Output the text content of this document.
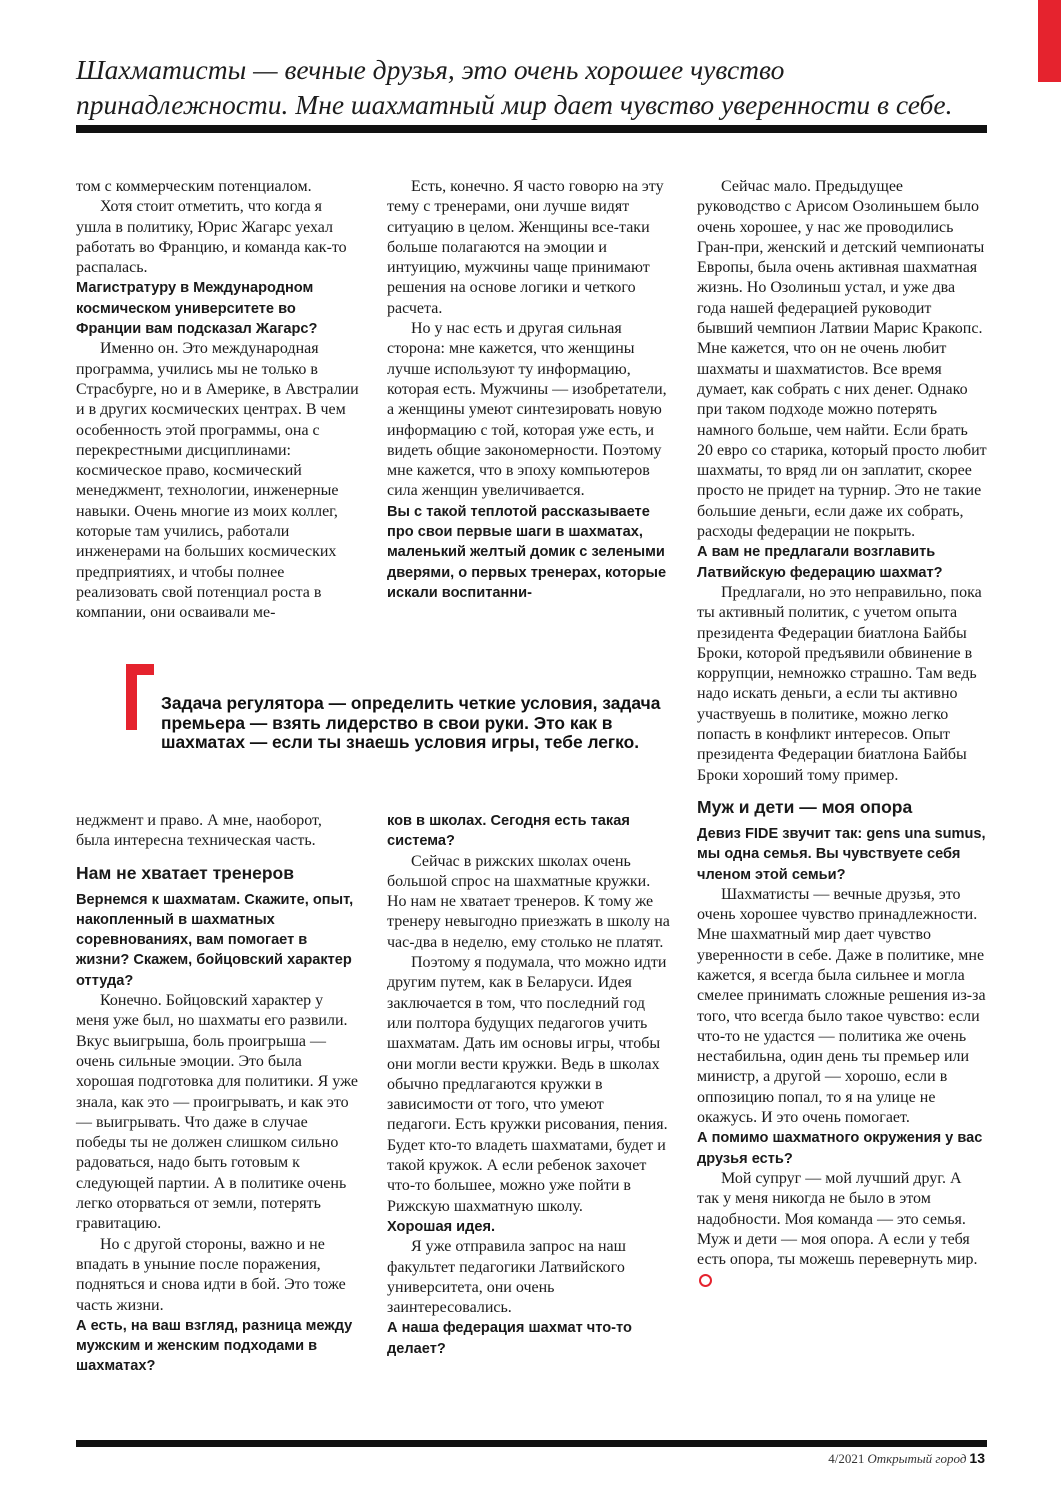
Шахматисты — вечные друзья, это очень хорошее чувство
принадлежности. Мне шахматный мир дает чувство уверенности в себе.

том с коммерческим потенциалом.

Хотя стоит отметить, что когда я ушла в политику, Юрис Жагарс уехал работать во Францию, и команда как-то распалась.

Магистратуру в Международном космическом университете во Франции вам подсказал Жагарс?

Именно он. Это международная программа, учились мы не только в Страсбурге, но и в Америке, в Австралии и в других космических центрах. В чем особенность этой программы, она с перекрестными дисциплинами: космическое право, космический менеджмент, технологии, инженерные навыки. Очень многие из моих коллег, которые там учились, работали инженерами на больших космических предприятиях, и чтобы полнее реализовать свой потенциал роста в компании, они осваивали ме-

Есть, конечно. Я часто говорю на эту тему с тренерами, они лучше видят ситуацию в целом. Женщины все-таки больше полагаются на эмоции и интуицию, мужчины чаще принимают решения на основе логики и четкого расчета.

Но у нас есть и другая сильная сторона: мне кажется, что женщины лучше используют ту информацию, которая есть. Мужчины — изобретатели, а женщины умеют синтезировать новую информацию с той, которая уже есть, и видеть общие закономерности. Поэтому мне кажется, что в эпоху компьютеров сила женщин увеличивается.

Вы с такой теплотой рассказываете про свои первые шаги в шахматах, маленький желтый домик с зелеными дверями, о первых тренерах, которые искали воспитанни-

Сейчас мало. Предыдущее руководство с Арисом Озолиньшем было очень хорошее, у нас же проводились Гран-при, женский и детский чемпионаты Европы, была очень активная шахматная жизнь. Но Озолиньш устал, и уже два года нашей федерацией руководит бывший чемпион Латвии Марис Кракопс. Мне кажется, что он не очень любит шахматы и шахматистов. Все время думает, как собрать с них денег. Однако при таком подходе можно потерять намного больше, чем найти. Если брать 20 евро со старика, который просто любит шахматы, то вряд ли он заплатит, скорее просто не придет на турнир. Это не такие большие деньги, если даже их собрать, расходы федерации не покрыть.

А вам не предлагали возглавить Латвийскую федерацию шахмат?

Предлагали, но это неправильно, пока ты активный политик, с учетом опыта президента Федерации биатлона Байбы Броки, которой предъявили обвинение в коррупции, немножко страшно. Там ведь надо искать деньги, а если ты активно участвуешь в политике, можно легко попасть в конфликт интересов. Опыт президента Федерации биатлона Байбы Броки хороший тому пример.

Муж и дети — моя опора

Девиз FIDE звучит так: gens una sumus, мы одна семья. Вы чувствуете себя членом этой семьи?

Шахматисты — вечные друзья, это очень хорошее чувство принадлежности. Мне шахматный мир дает чувство уверенности в себе. Даже в политике, мне кажется, я всегда была сильнее и могла смелее принимать сложные решения из-за того, что всегда было такое чувство: если что-то не удастся — политика же очень нестабильна, один день ты премьер или министр, а другой — хорошо, если в оппозицию попал, то я на улице не окажусь. И это очень помогает.

А помимо шахматного окружения у вас друзья есть?

Мой супруг — мой лучший друг. А так у меня никогда не было в этом надобности. Моя команда — это семья. Муж и дети — моя опора. А если у тебя есть опора, ты можешь перевернуть мир.

Задача регулятора — определить четкие условия, задача премьера — взять лидерство в свои руки. Это как в шахматах — если ты знаешь условия игры, тебе легко.

неджмент и право. А мне, наоборот, была интересна техническая часть.

Нам не хватает тренеров

Вернемся к шахматам. Скажите, опыт, накопленный в шахматных соревнованиях, вам помогает в жизни? Скажем, бойцовский характер оттуда?

Конечно. Бойцовский характер у меня уже был, но шахматы его развили. Вкус выигрыша, боль проигрыша — очень сильные эмоции. Это была хорошая подготовка для политики. Я уже знала, как это — проигрывать, и как это — выигрывать. Что даже в случае победы ты не должен слишком сильно радоваться, надо быть готовым к следующей партии. А в политике очень легко оторваться от земли, потерять гравитацию.

Но с другой стороны, важно и не впадать в уныние после поражения, подняться и снова идти в бой. Это тоже часть жизни.

А есть, на ваш взгляд, разница между мужским и женским подходами в шахматах?

ков в школах. Сегодня есть такая система?

Сейчас в рижских школах очень большой спрос на шахматные кружки. Но нам не хватает тренеров. К тому же тренеру невыгодно приезжать в школу на час-два в неделю, ему столько не платят.

Поэтому я подумала, что можно идти другим путем, как в Беларуси. Идея заключается в том, что последний год или полтора будущих педагогов учить шахматам. Дать им основы игры, чтобы они могли вести кружки. Ведь в школах обычно предлагаются кружки в зависимости от того, что умеют педагоги. Есть кружки рисования, пения. Будет кто-то владеть шахматами, будет и такой кружок. А если ребенок захочет что-то большее, можно уже пойти в Рижскую шахматную школу.

Хорошая идея.

Я уже отправила запрос на наш факультет педагогики Латвийского университета, они очень заинтересовались.

А наша федерация шахмат что-то делает?

4/2021 Открытый город 13
